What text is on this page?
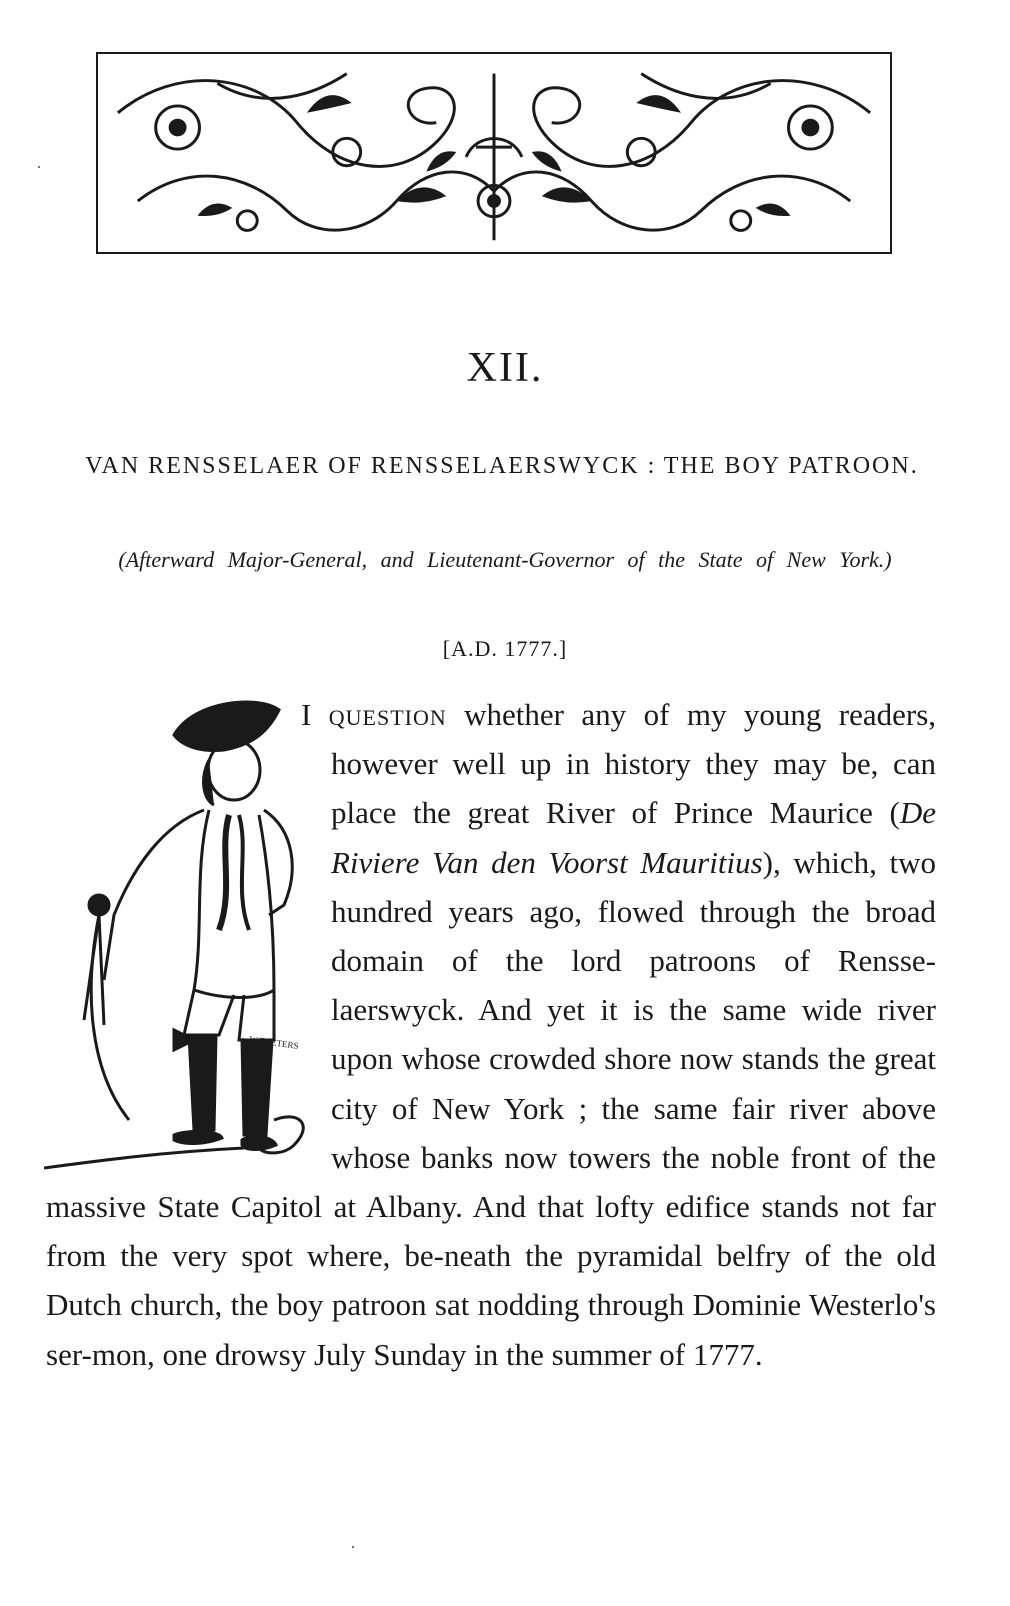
XII.
VAN RENSSELAER OF RENSSELAERSWYCK : THE BOY PATROON.
(Afterward Major-General, and Lieutenant-Governor of the State of New York.)
[A.D. 1777.]
W.T.PETERS
I question whether any of my young readers, however well up in history they may be, can place the great River of Prince Maurice (De Riviere Van den Voorst Mauritius), which, two hundred years ago, flowed through the broad domain of the lord patroons of Rensse-laerswyck. And yet it is the same wide river upon whose crowded shore now stands the great city of New York ; the same fair river above whose banks now towers the noble front of the massive State Capitol at Albany. And that lofty edifice stands not far from the very spot where, be-neath the pyramidal belfry of the old Dutch church, the boy patroon sat nodding through Dominie Westerlo's ser-mon, one drowsy July Sunday in the summer of 1777.
